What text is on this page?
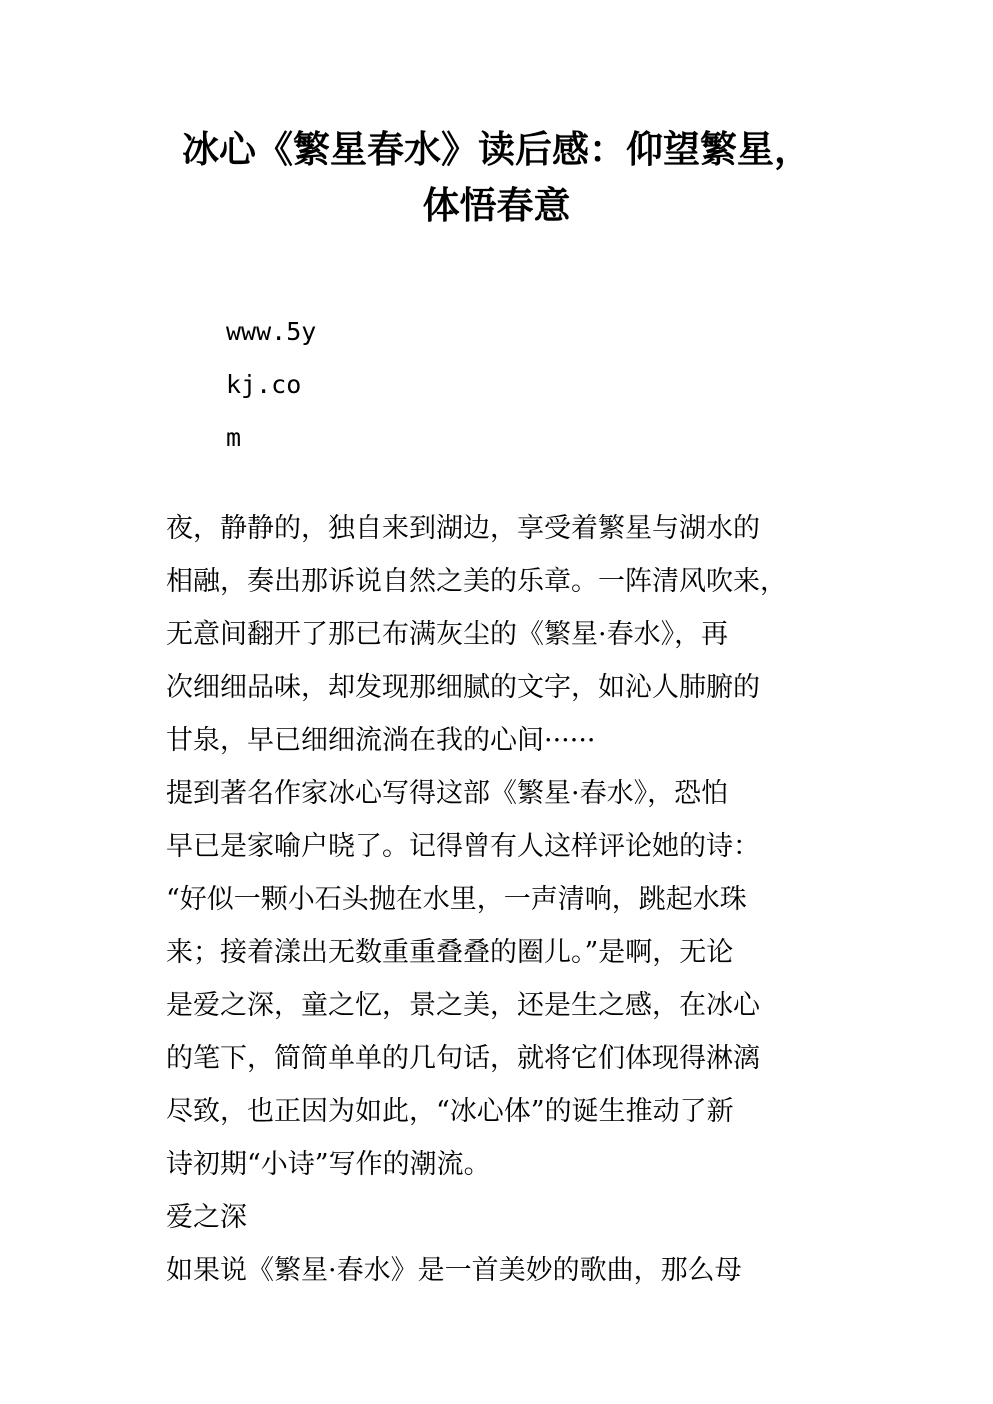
冰心《繁星春水》读后感：仰望繁星，
体悟春意
www.5y
kj.co
m
夜，静静的，独自来到湖边，享受着繁星与湖水的
相融，奏出那诉说自然之美的乐章。一阵清风吹来，
无意间翻开了那已布满灰尘的《繁星·春水》，再
次细细品味，却发现那细腻的文字，如沁人肺腑的
甘泉，早已细细流淌在我的心间······
提到著名作家冰心写得这部《繁星·春水》，恐怕
早已是家喻户晓了。记得曾有人这样评论她的诗：
“好似一颗小石头抛在水里，一声清响，跳起水珠
来；接着漾出无数重重叠叠的圈儿。”是啊，无论
是爱之深，童之忆，景之美，还是生之感，在冰心
的笔下，简简单单的几句话，就将它们体现得淋漓
尽致，也正因为如此，“冰心体”的诞生推动了新
诗初期“小诗”写作的潮流。
爱之深
如果说《繁星·春水》是一首美妙的歌曲，那么母
